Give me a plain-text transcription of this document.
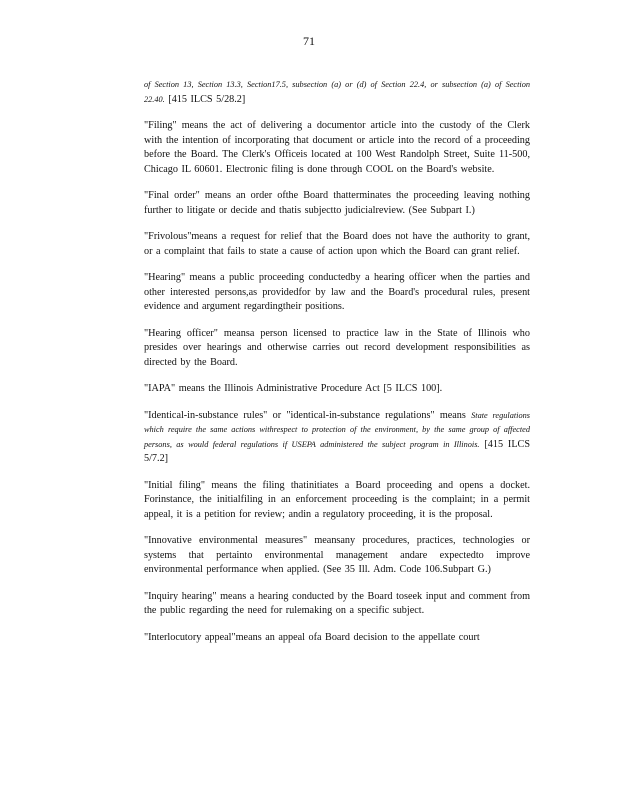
71

of Section 13, Section 13.3, Section17.5, subsection (a) or (d) of Section 22.4, or subsection (a) of Section 22.40. [415 ILCS 5/28.2]

"Filing" means the act of delivering a documentor article into the custody of the Clerk with the intention of incorporating that document or article into the record of a proceeding before the Board. The Clerk's Officeis located at 100 West Randolph Street, Suite 11-500, Chicago IL 60601. Electronic filing is done through COOL on the Board's website.

"Final order" means an order ofthe Board thatterminates the proceeding leaving nothing further to litigate or decide and thatis subjectto judicialreview. (See Subpart I.)

"Frivolous"means a request for relief that the Board does not have the authority to grant, or a complaint that fails to state a cause of action upon which the Board can grant relief.

"Hearing" means a public proceeding conductedby a hearing officer when the parties and other interested persons,as providedfor by law and the Board's procedural rules, present evidence and argument regardingtheir positions.

"Hearing officer" meansa person licensed to practice law in the State of Illinois who presides over hearings and otherwise carries out record development responsibilities as directed by the Board.

"IAPA" means the Illinois Administrative Procedure Act [5 ILCS 100].

"Identical-in-substance rules" or "identical-in-substance regulations" means State regulations which require the same actions withrespect to protection of the environment, by the same group of affected persons, as would federal regulations if USEPA administered the subject program in Illinois. [415 ILCS 5/7.2]

"Initial filing" means the filing thatinitiates a Board proceeding and opens a docket. Forinstance, the initialfiling in an enforcement proceeding is the complaint; in a permit appeal, it is a petition for review; andin a regulatory proceeding, it is the proposal.

"Innovative environmental measures" meansany procedures, practices, technologies or systems that pertainto environmental management andare expectedto improve environmental performance when applied. (See 35 Ill. Adm. Code 106.Subpart G.)

"Inquiry hearing" means a hearing conducted by the Board toseek input and comment from the public regarding the need for rulemaking on a specific subject.

"Interlocutory appeal"means an appeal ofa Board decision to the appellate court
